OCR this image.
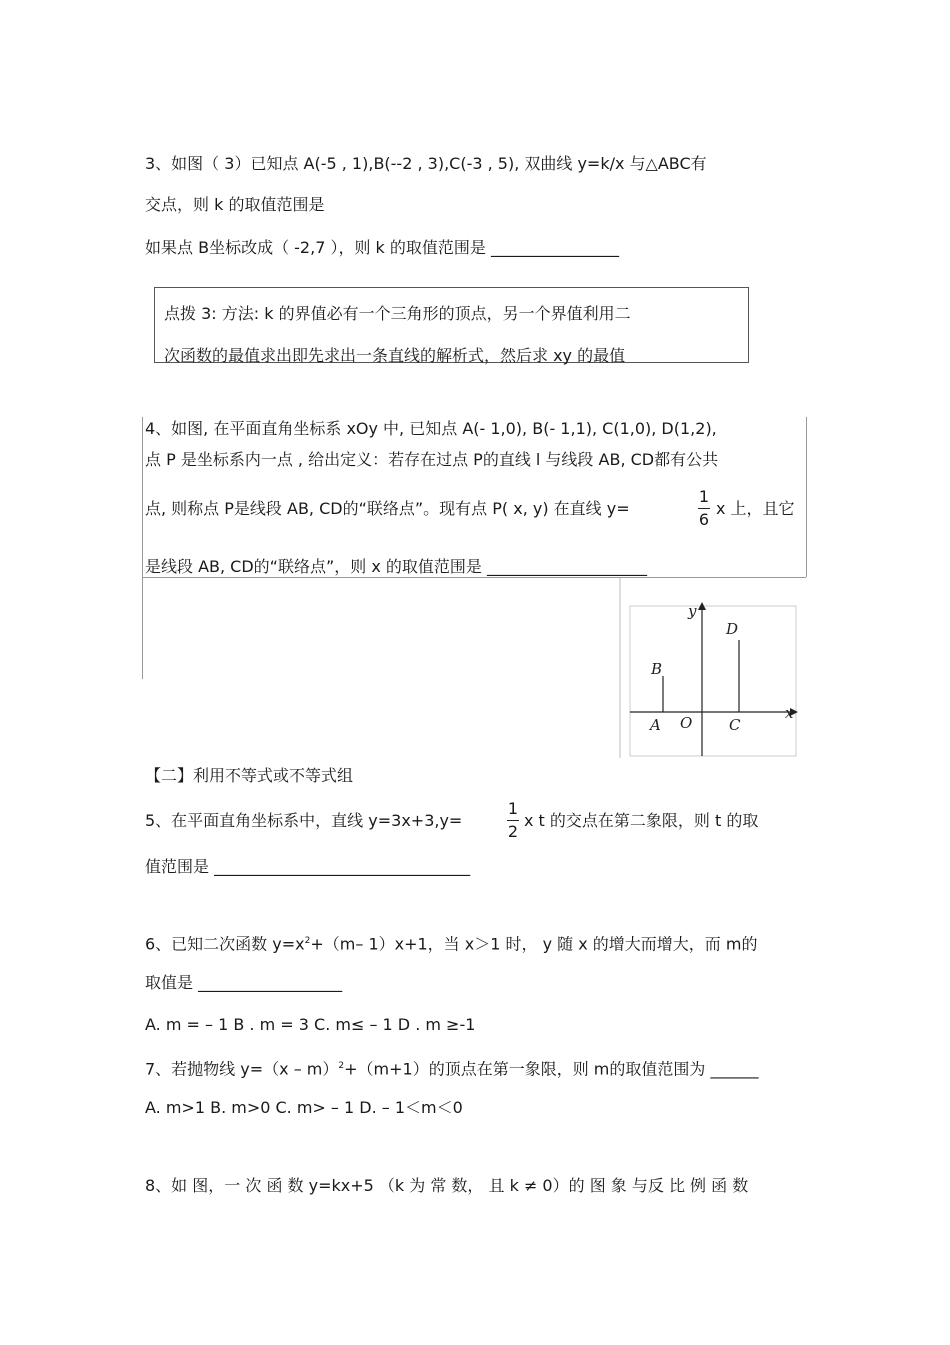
3、如图（ 3）已知点 A(-5 , 1),B(--2 , 3),C(-3 , 5), 双曲线 y=k/x 与△ABC有
交点，则 k 的取值范围是
如果点 B坐标改成（ -2,7 ），则 k 的取值范围是 ________________
点拨 3: 方法: k 的界值必有一个三角形的顶点，另一个界值利用二
次函数的最值求出即先求出一条直线的解析式，然后求 xy 的最值
4、如图, 在平面直角坐标系 xOy 中, 已知点 A(- 1,0), B(- 1,1), C(1,0), D(1,2),
点 P 是坐标系内一点 , 给出定义：若存在过点 P的直线 l 与线段 AB, CD都有公共
点, 则称点 P是线段 AB, CD的“联络点”。现有点 P( x, y) 在直线 y=
1
6
x 上，且它
是线段 AB, CD的“联络点”，则 x 的取值范围是 ____________________
y
x
D
B
A O C
【二】利用不等式或不等式组
5、在平面直角坐标系中，直线 y=3x+3,y=
1
2
x t 的交点在第二象限，则 t 的取
值范围是 ________________________________
6、已知二次函数 $y=x^2+(m-$ 1）x+1，当 x＞1 时， y 随 x 的增大而增大，而 m的
取值是 __________________
A. m = – 1 B . m = 3 C. m≤ – 1 D . m ≥-1
7、若抛物线 y=（x – m）$^2$+（m+1）的顶点在第一象限，则 m的取值范围为 ______
A. m>1 B. m>0 C. m> – 1 D. – 1＜m＜0
8、如 图，一 次 函 数 y=kx+5 （k 为 常 数， 且 k ≠ 0）的 图 象 与反 比 例 函 数
